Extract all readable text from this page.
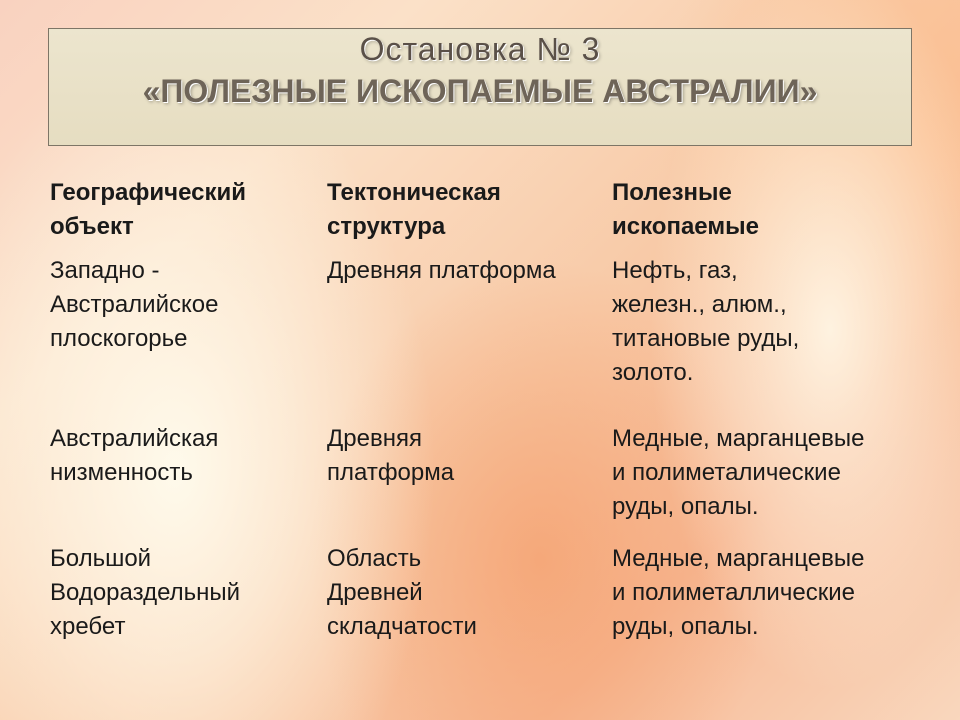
Остановка № 3
«ПОЛЕЗНЫЕ ИСКОПАЕМЫЕ АВСТРАЛИИ»
Географический
объект
Тектоническая
структура
Полезные
ископаемые
Западно -
Австралийское
плоскогорье
Древняя платформа	Нефть, газ,
железн., алюм.,
титановые руды,
золото.
Австралийская
низменность
Древняя
платформа
Медные, марганцевые
и полиметалические
руды, опалы.
Большой
Водораздельный
хребет
Область
Древней
складчатости
Медные, марганцевые
и полиметаллические
руды, опалы.
